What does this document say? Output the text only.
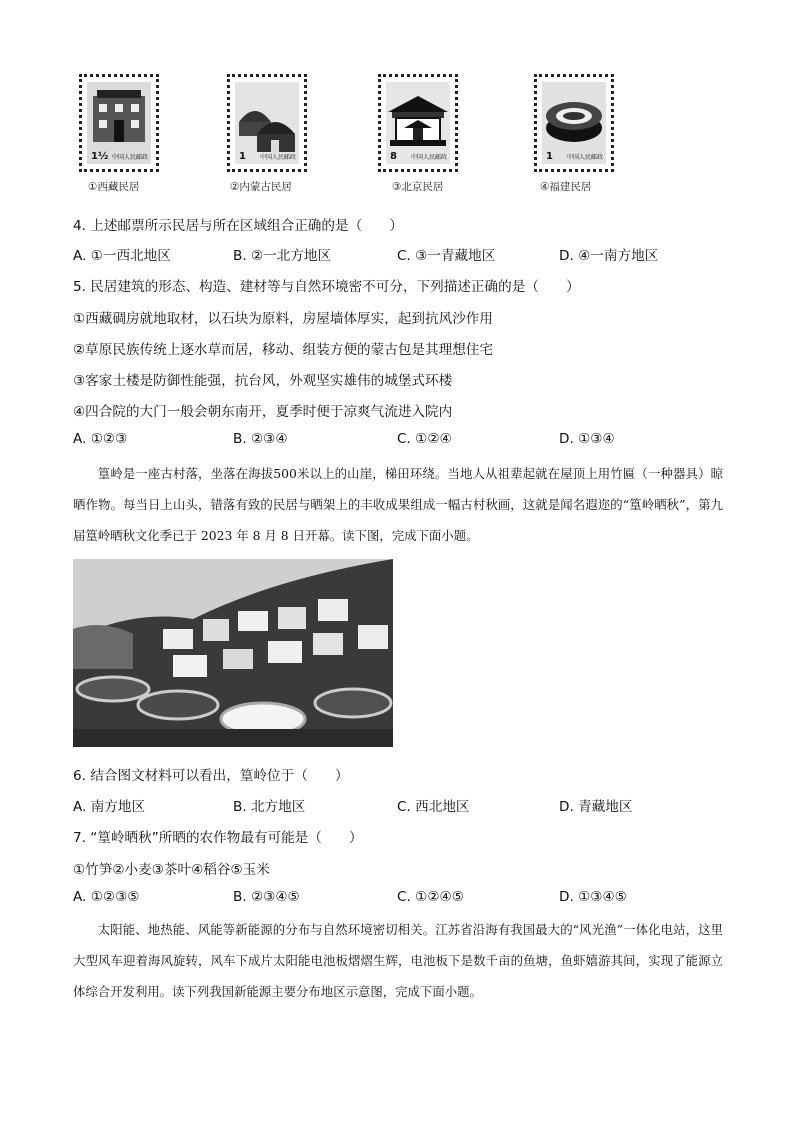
1½ 中国人民邮政
①西藏民居
1 中国人民邮政
②内蒙古民居
8 中国人民邮政
③北京民居
1 中国人民邮政
④福建民居
4. 上述邮票所示民居与所在区域组合正确的是（　　）
A. ①一西北地区	B. ②一北方地区	C. ③一青藏地区	D. ④一南方地区
5. 民居建筑的形态、构造、建材等与自然环境密不可分，下列描述正确的是（　　）
①西藏碉房就地取材，以石块为原料，房屋墙体厚实，起到抗风沙作用
②草原民族传统上逐水草而居，移动、组装方便的蒙古包是其理想住宅
③客家土楼是防御性能强，抗台风，外观坚实雄伟的城堡式环楼
④四合院的大门一般会朝东南开，夏季时便于凉爽气流进入院内
A. ①②③	B. ②③④	C. ①②④	D. ①③④
篁岭是一座古村落，坐落在海拔500米以上的山崖，梯田环绕。当地人从祖辈起就在屋顶上用竹匾（一种器具）晾晒作物。每当日上山头，错落有致的民居与晒架上的丰收成果组成一幅古村秋画，这就是闻名遐迩的“篁岭晒秋”，第九届篁岭晒秋文化季已于 2023 年 8 月 8 日开幕。读下图，完成下面小题。
6. 结合图文材料可以看出，篁岭位于（　　）
A. 南方地区	B. 北方地区	C. 西北地区	D. 青藏地区
7. “篁岭晒秋”所晒的农作物最有可能是（　　）
①竹笋②小麦③茶叶④稻谷⑤玉米
A. ①②③⑤	B. ②③④⑤	C. ①②④⑤	D. ①③④⑤
太阳能、地热能、风能等新能源的分布与自然环境密切相关。江苏省沿海有我国最大的“风光渔”一体化电站，这里大型风车迎着海风旋转，风车下成片太阳能电池板熠熠生辉，电池板下是数千亩的鱼塘，鱼虾嬉游其间，实现了能源立体综合开发利用。读下列我国新能源主要分布地区示意图，完成下面小题。
